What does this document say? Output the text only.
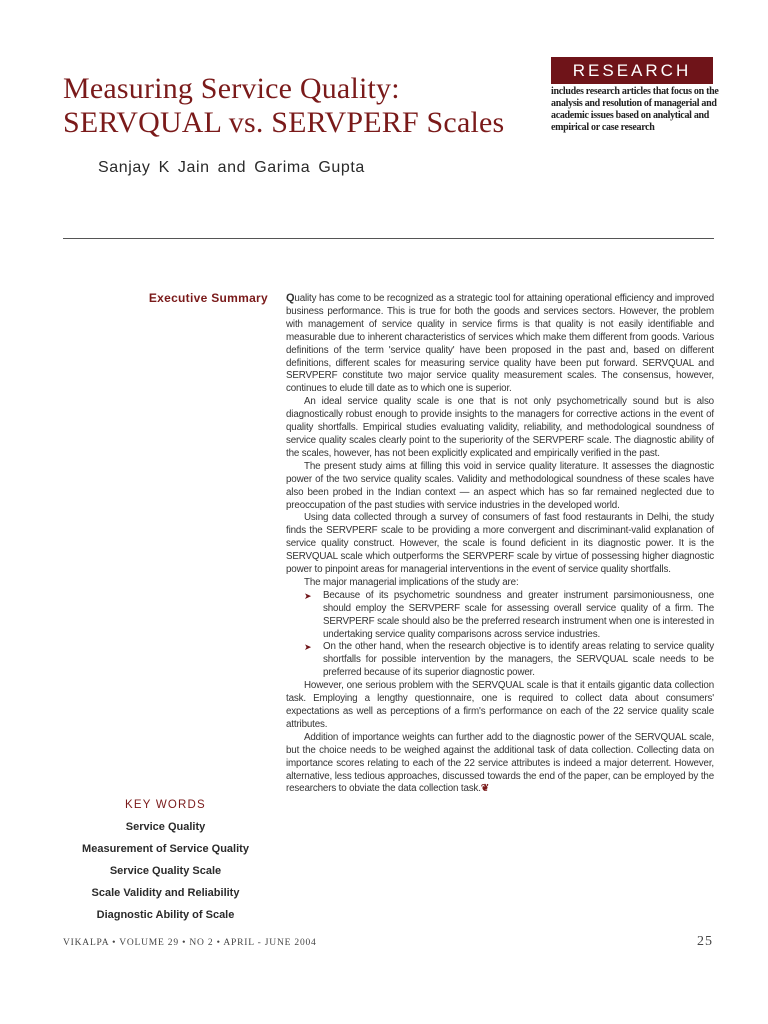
Measuring Service Quality:
SERVQUAL vs. SERVPERF Scales
Sanjay K Jain and Garima Gupta
RESEARCH
includes research articles that focus on the analysis and resolution of managerial and academic issues based on analytical and empirical or case research
Executive Summary Quality has come to be recognized as a strategic tool for attaining operational efficiency and improved business performance. This is true for both the goods and services sectors. However, the problem with management of service quality in service firms is that quality is not easily identifiable and measurable due to inherent characteristics of services which make them different from goods. Various definitions of the term 'service quality' have been proposed in the past and, based on different definitions, different scales for measuring service quality have been put forward. SERVQUAL and SERVPERF constitute two major service quality measurement scales. The consensus, however, continues to elude till date as to which one is superior.

An ideal service quality scale is one that is not only psychometrically sound but is also diagnostically robust enough to provide insights to the managers for corrective actions in the event of quality shortfalls. Empirical studies evaluating validity, reliability, and methodological soundness of service quality scales clearly point to the superiority of the SERVPERF scale. The diagnostic ability of the scales, however, has not been explicitly explicated and empirically verified in the past.

The present study aims at filling this void in service quality literature. It assesses the diagnostic power of the two service quality scales. Validity and methodological soundness of these scales have also been probed in the Indian context — an aspect which has so far remained neglected due to preoccupation of the past studies with service industries in the developed world.

Using data collected through a survey of consumers of fast food restaurants in Delhi, the study finds the SERVPERF scale to be providing a more convergent and discriminant-valid explanation of service quality construct. However, the scale is found deficient in its diagnostic power. It is the SERVQUAL scale which outperforms the SERVPERF scale by virtue of possessing higher diagnostic power to pinpoint areas for managerial interventions in the event of service quality shortfalls.

The major managerial implications of the study are:

➤ Because of its psychometric soundness and greater instrument parsimoniousness, one should employ the SERVPERF scale for assessing overall service quality of a firm. The SERVPERF scale should also be the preferred research instrument when one is interested in undertaking service quality comparisons across service industries.
➤ On the other hand, when the research objective is to identify areas relating to service quality shortfalls for possible intervention by the managers, the SERVQUAL scale needs to be preferred because of its superior diagnostic power.

However, one serious problem with the SERVQUAL scale is that it entails gigantic data collection task. Employing a lengthy questionnaire, one is required to collect data about consumers' expectations as well as perceptions of a firm's performance on each of the 22 service quality scale attributes.

Addition of importance weights can further add to the diagnostic power of the SERVQUAL scale, but the choice needs to be weighed against the additional task of data collection. Collecting data on importance scores relating to each of the 22 service attributes is indeed a major deterrent. However, alternative, less tedious approaches, discussed towards the end of the paper, can be employed by the researchers to obviate the data collection task.❦

KEY WORDS
Service Quality
Measurement of Service Quality
Service Quality Scale
Scale Validity and Reliability
Diagnostic Ability of Scale
VIKALPA • VOLUME 29 • NO 2 • APRIL - JUNE 2004	25
